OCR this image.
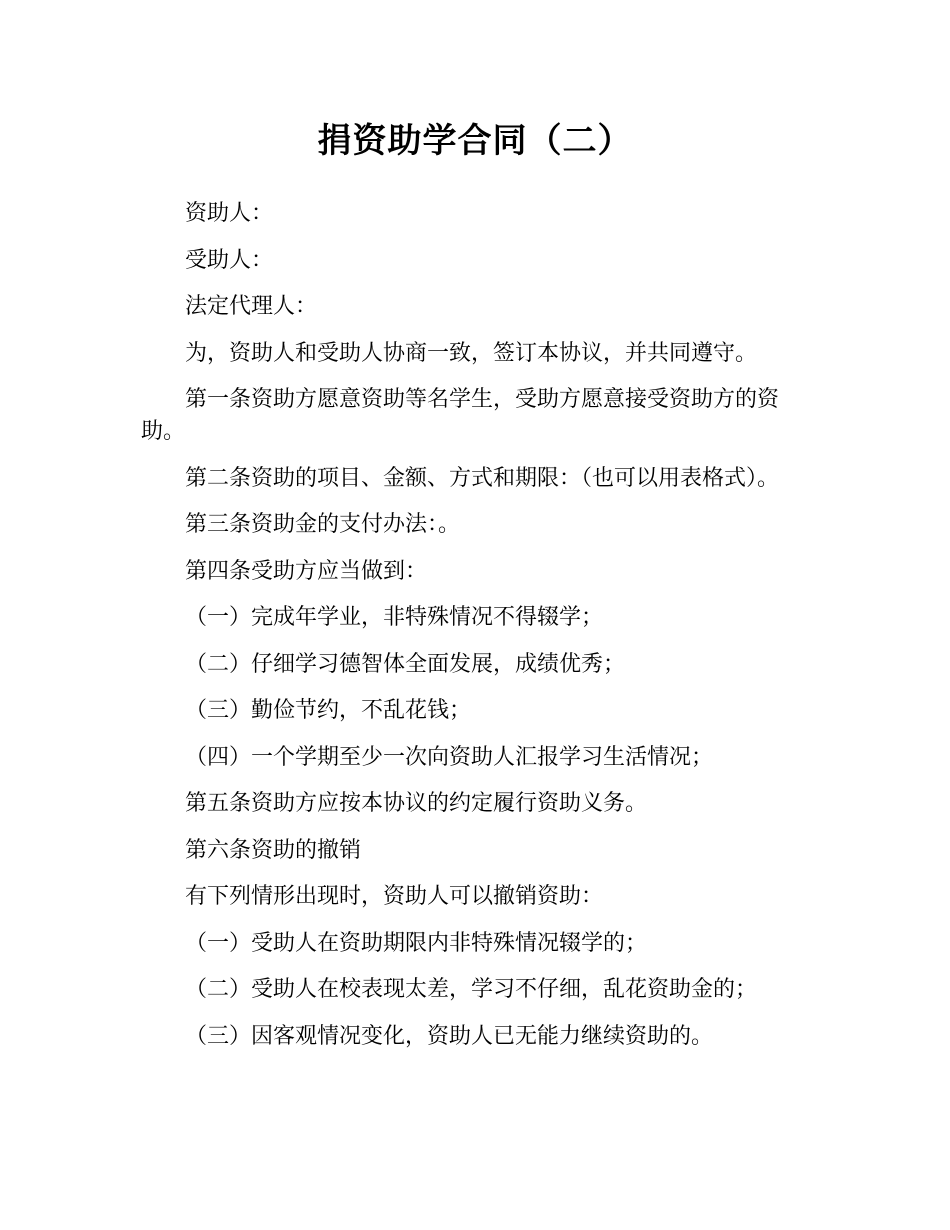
捐资助学合同（二）

资助人：

受助人：

法定代理人：

为，资助人和受助人协商一致，签订本协议，并共同遵守。

第一条资助方愿意资助等名学生，受助方愿意接受资助方的资助。

第二条资助的项目、金额、方式和期限：（也可以用表格式）。

第三条资助金的支付办法：。

第四条受助方应当做到：

（一）完成年学业，非特殊情况不得辍学；

（二）仔细学习德智体全面发展，成绩优秀；

（三）勤俭节约，不乱花钱；

（四）一个学期至少一次向资助人汇报学习生活情况；

第五条资助方应按本协议的约定履行资助义务。

第六条资助的撤销

有下列情形出现时，资助人可以撤销资助：

（一）受助人在资助期限内非特殊情况辍学的；

（二）受助人在校表现太差，学习不仔细，乱花资助金的；

（三）因客观情况变化，资助人已无能力继续资助的。
